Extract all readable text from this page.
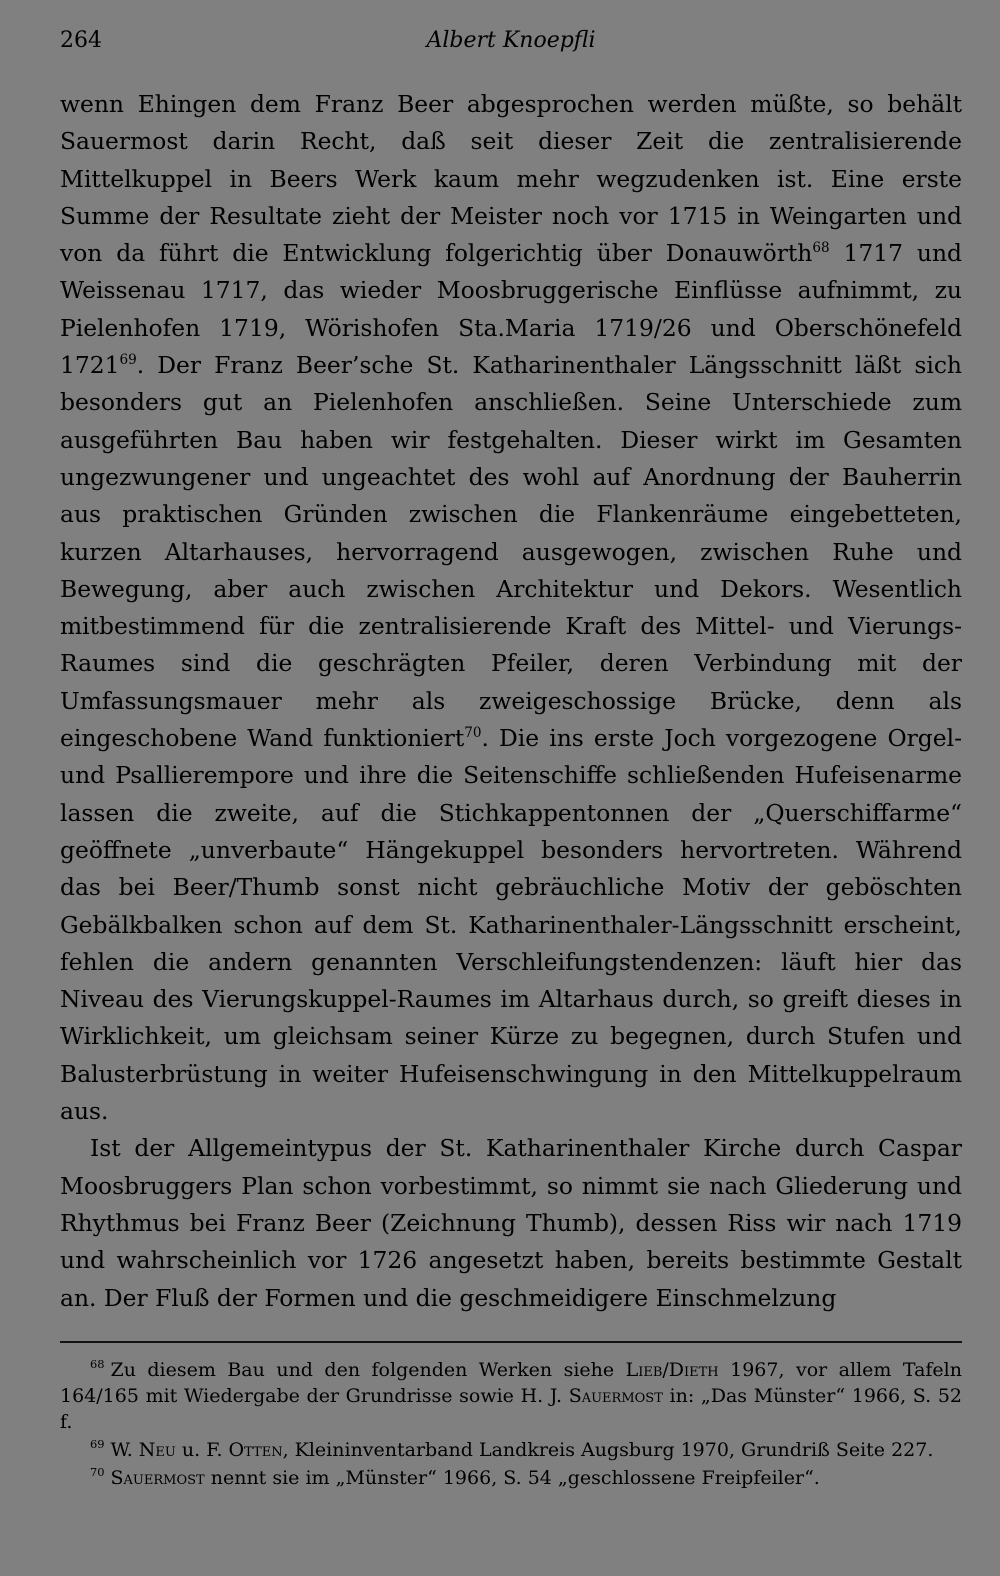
264	Albert Knoepfli

wenn Ehingen dem Franz Beer abgesprochen werden müßte, so behält Sauermost darin Recht, daß seit dieser Zeit die zentralisierende Mittelkuppel in Beers Werk kaum mehr wegzudenken ist. Eine erste Summe der Resultate zieht der Meister noch vor 1715 in Weingarten und von da führt die Entwicklung folgerichtig über Donauwörth$^{68}$ 1717 und Weissenau 1717, das wieder Moosbruggerische Einflüsse aufnimmt, zu Pielenhofen 1719, Wörishofen Sta.Maria 1719/26 und Oberschönefeld 1721$^{69}$. Der Franz Beer’sche St. Katharinenthaler Längsschnitt läßt sich besonders gut an Pielenhofen anschließen. Seine Unterschiede zum ausgeführten Bau haben wir festgehalten. Dieser wirkt im Gesamten ungezwungener und ungeachtet des wohl auf Anordnung der Bauherrin aus praktischen Gründen zwischen die Flankenräume eingebetteten, kurzen Altarhauses, hervorragend ausgewogen, zwischen Ruhe und Bewegung, aber auch zwischen Architektur und Dekors. Wesentlich mitbestimmend für die zentralisierende Kraft des Mittel- und Vierungs-Raumes sind die geschrägten Pfeiler, deren Verbindung mit der Umfassungsmauer mehr als zweigeschossige Brücke, denn als eingeschobene Wand funktioniert$^{70}$. Die ins erste Joch vorgezogene Orgel- und Psallierempore und ihre die Seitenschiffe schließenden Hufeisenarme lassen die zweite, auf die Stichkappentonnen der „Querschiffarme“ geöffnete „unverbaute“ Hängekuppel besonders hervortreten. Während das bei Beer/Thumb sonst nicht gebräuchliche Motiv der geböschten Gebälkbalken schon auf dem St. Katharinenthaler-Längsschnitt erscheint, fehlen die andern genannten Verschleifungstendenzen: läuft hier das Niveau des Vierungskuppel-Raumes im Altarhaus durch, so greift dieses in Wirklichkeit, um gleichsam seiner Kürze zu begegnen, durch Stufen und Balusterbrüstung in weiter Hufeisenschwingung in den Mittelkuppelraum aus.

Ist der Allgemeintypus der St. Katharinenthaler Kirche durch Caspar Moosbruggers Plan schon vorbestimmt, so nimmt sie nach Gliederung und Rhythmus bei Franz Beer (Zeichnung Thumb), dessen Riss wir nach 1719 und wahrscheinlich vor 1726 angesetzt haben, bereits bestimmte Gestalt an. Der Fluß der Formen und die geschmeidigere Einschmelzung

$^{68}$ Zu diesem Bau und den folgenden Werken siehe Lieb/Dieth 1967, vor allem Tafeln 164/165 mit Wiedergabe der Grundrisse sowie H. J. Sauermost in: „Das Münster“ 1966, S. 52 f.

$^{69}$ W. Neu u. F. Otten, Kleininventarband Landkreis Augsburg 1970, Grundriß Seite 227.

$^{70}$ Sauermost nennt sie im „Münster“ 1966, S. 54 „geschlossene Freipfeiler“.
